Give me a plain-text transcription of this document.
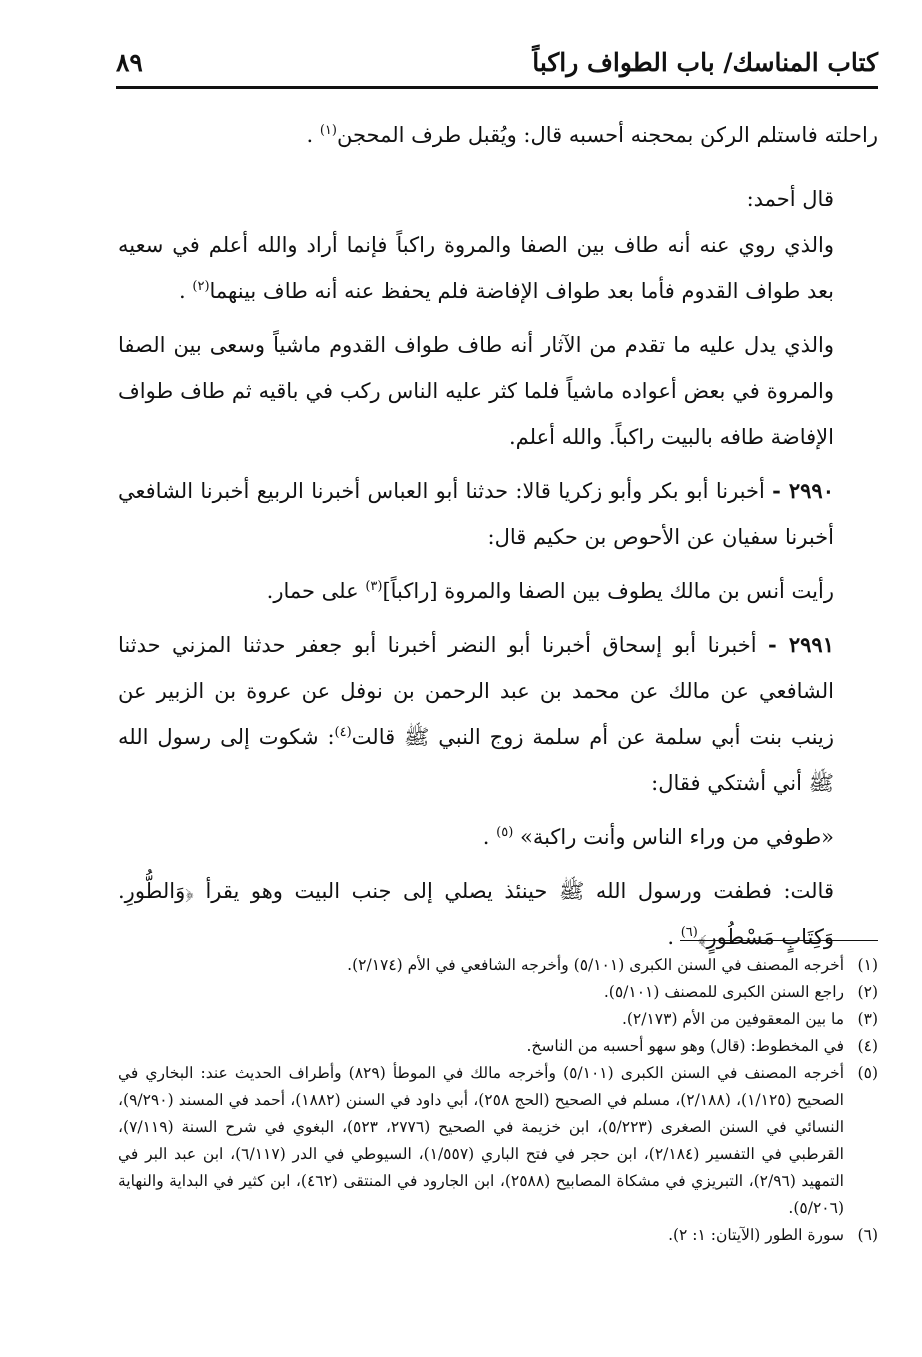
كتاب المناسك/ باب الطواف راكباً
٨٩

راحلته فاستلم الركن بمحجنه أحسبه قال: ويُقبل طرف المحجن$^{(١)}$ .

قال أحمد:

والذي روي عنه أنه طاف بين الصفا والمروة راكباً فإنما أراد والله أعلم في سعيه بعد طواف القدوم فأما بعد طواف الإفاضة فلم يحفظ عنه أنه طاف بينهما$^{(٢)}$ .

والذي يدل عليه ما تقدم من الآثار أنه طاف طواف القدوم ماشياً وسعى بين الصفا والمروة في بعض أعواده ماشياً فلما كثر عليه الناس ركب في باقيه ثم طاف طواف الإفاضة طافه بالبيت راكباً. والله أعلم.

٢٩٩٠ - أخبرنا أبو بكر وأبو زكريا قالا: حدثنا أبو العباس أخبرنا الربيع أخبرنا الشافعي أخبرنا سفيان عن الأحوص بن حكيم قال:

رأيت أنس بن مالك يطوف بين الصفا والمروة [راكباً]$^{(٣)}$ على حمار.

٢٩٩١ - أخبرنا أبو إسحاق أخبرنا أبو النضر أخبرنا أبو جعفر حدثنا المزني حدثنا الشافعي عن مالك عن محمد بن عبد الرحمن بن نوفل عن عروة بن الزبير عن زينب بنت أبي سلمة عن أم سلمة زوج النبي ﷺ قالت$^{(٤)}$: شكوت إلى رسول الله ﷺ أني أشتكي فقال:

«طوفي من وراء الناس وأنت راكبة» $^{(٥)}$ .

قالت: فطفت ورسول الله ﷺ حينئذ يصلي إلى جنب البيت وهو يقرأ ﴿وَالطُّورِ. وَكِتَابٍ مَسْطُورٍ﴾$^{(٦)}$ .

(١)
أخرجه المصنف في السنن الكبرى (٥/١٠١) وأخرجه الشافعي في الأم (٢/١٧٤).
(٢)
راجع السنن الكبرى للمصنف (٥/١٠١).
(٣)
ما بين المعقوفين من الأم (٢/١٧٣).
(٤)
في المخطوط: (قال) وهو سهو أحسبه من الناسخ.
(٥)
أخرجه المصنف في السنن الكبرى (٥/١٠١) وأخرجه مالك في الموطأ (٨٢٩) وأطراف الحديث عند: البخاري في الصحيح (١/١٢٥)، (٢/١٨٨)، مسلم في الصحيح (الحج ٢٥٨)، أبي داود في السنن (١٨٨٢)، أحمد في المسند (٩/٢٩٠)، النسائي في السنن الصغرى (٥/٢٢٣)، ابن خزيمة في الصحيح (٢٧٧٦، ٥٢٣)، البغوي في شرح السنة (٧/١١٩)، القرطبي في التفسير (٢/١٨٤)، ابن حجر في فتح الباري (١/٥٥٧)، السيوطي في الدر (٦/١١٧)، ابن عبد البر في التمهيد (٢/٩٦)، التبريزي في مشكاة المصابيح (٢٥٨٨)، ابن الجارود في المنتقى (٤٦٢)، ابن كثير في البداية والنهاية (٥/٢٠٦).
(٦)
سورة الطور (الآيتان: ١: ٢).
